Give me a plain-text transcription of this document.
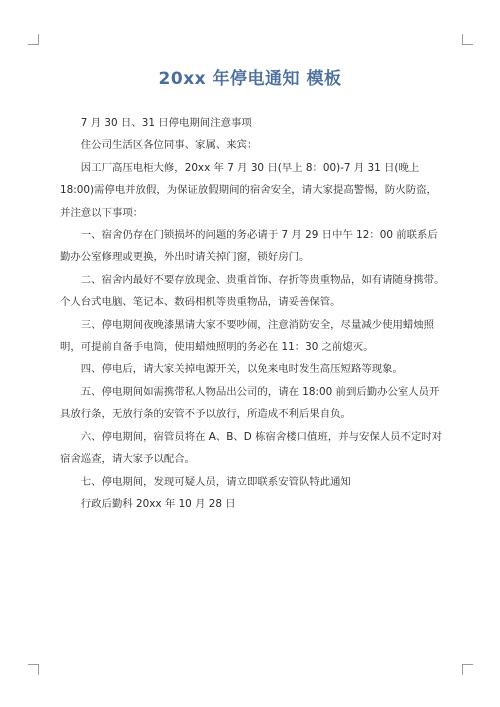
20xx 年停电通知 模板

7 月 30 日、31 日停电期间注意事项

住公司生活区各位同事、家属、来宾：

因工厂高压电柜大修，20xx 年 7 月 30 日(早上 8：00)-7 月 31 日(晚上 18:00)需停电并放假，为保证放假期间的宿舍安全，请大家提高警惕，防火防盗，并注意以下事项：

一、宿舍仍存在门锁损坏的问题的务必请于 7 月 29 日中午 12：00 前联系后勤办公室修理或更换，外出时请关掉门窗，锁好房门。

二、宿舍内最好不要存放现金、贵重首饰、存折等贵重物品，如有请随身携带。个人台式电脑、笔记本、数码相机等贵重物品，请妥善保管。

三、停电期间夜晚漆黑请大家不要吵闹，注意消防安全，尽量减少使用蜡烛照明，可提前自备手电筒，使用蜡烛照明的务必在 11：30 之前熄灭。

四、停电后，请大家关掉电源开关，以免来电时发生高压短路等现象。

五、停电期间如需携带私人物品出公司的，请在 18:00 前到后勤办公室人员开具放行条，无放行条的安管不予以放行，所造成不利后果自负。

六、停电期间，宿管员将在 A、B、D 栋宿舍楼口值班，并与安保人员不定时对宿舍巡查，请大家予以配合。

七、停电期间，发现可疑人员，请立即联系安管队特此通知

行政后勤科 20xx 年 10 月 28 日
